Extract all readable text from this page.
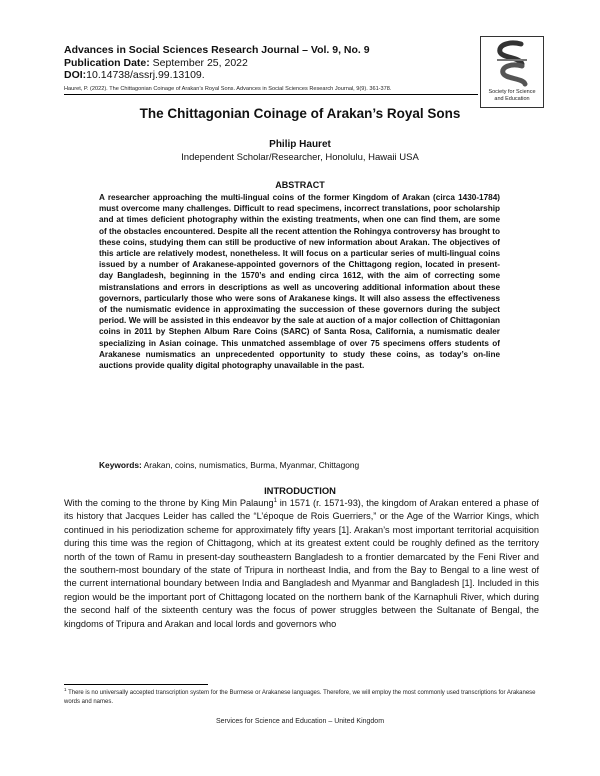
Advances in Social Sciences Research Journal – Vol. 9, No. 9
Publication Date: September 25, 2022
DOI:10.14738/assrj.99.13109.
Hauret, P. (2022). The Chittagonian Coinage of Arakan’s Royal Sons. Advances in Social Sciences Research Journal, 9(9). 361-378.	Society for Science
and Education
The Chittagonian Coinage of Arakan’s Royal Sons
Philip Hauret
Independent Scholar/Researcher, Honolulu, Hawaii USA
ABSTRACT
A researcher approaching the multi-lingual coins of the former Kingdom of Arakan (circa 1430-1784) must overcome many challenges. Difficult to read specimens, incorrect translations, poor scholarship and at times deficient photography within the existing treatments, when one can find them, are some of the obstacles encountered. Despite all the recent attention the Rohingya controversy has brought to these coins, studying them can still be productive of new information about Arakan. The objectives of this article are relatively modest, nonetheless. It will focus on a particular series of multi-lingual coins issued by a number of Arakanese-appointed governors of the Chittagong region, located in present-day Bangladesh, beginning in the 1570’s and ending circa 1612, with the aim of correcting some mistranslations and errors in descriptions as well as uncovering additional information about these governors, particularly those who were sons of Arakanese kings. It will also assess the effectiveness of the numismatic evidence in approximating the succession of these governors during the subject period. We will be assisted in this endeavor by the sale at auction of a major collection of Chittagonian coins in 2011 by Stephen Album Rare Coins (SARC) of Santa Rosa, California, a numismatic dealer specializing in Asian coinage. This unmatched assemblage of over 75 specimens offers students of Arakanese numismatics an unprecedented opportunity to study these coins, as today’s on-line auctions provide quality digital photography unavailable in the past.
Keywords: Arakan, coins, numismatics, Burma, Myanmar, Chittagong
INTRODUCTION
With the coming to the throne by King Min Palaung$^1$ in 1571 (r. 1571-93), the kingdom of Arakan entered a phase of its history that Jacques Leider has called the “L’époque de Rois Guerriers,” or the Age of the Warrior Kings, which continued in his periodization scheme for approximately fifty years [1]. Arakan’s most important territorial acquisition during this time was the region of Chittagong, which at its greatest extent could be roughly defined as the territory north of the town of Ramu in present-day southeastern Bangladesh to a frontier demarcated by the Feni River and the southern-most boundary of the state of Tripura in northeast India, and from the Bay to Bengal to a line west of the current international boundary between India and Bangladesh and Myanmar and Bangladesh [1]. Included in this region would be the important port of Chittagong located on the northern bank of the Karnaphuli River, which during the second half of the sixteenth century was the focus of power struggles between the Sultanate of Bengal, the kingdoms of Tripura and Arakan and local lords and governors who
$^1$ There is no universally accepted transcription system for the Burmese or Arakanese languages. Therefore, we will employ the most commonly used transcriptions for Arakanese words and names.
Services for Science and Education – United Kingdom
